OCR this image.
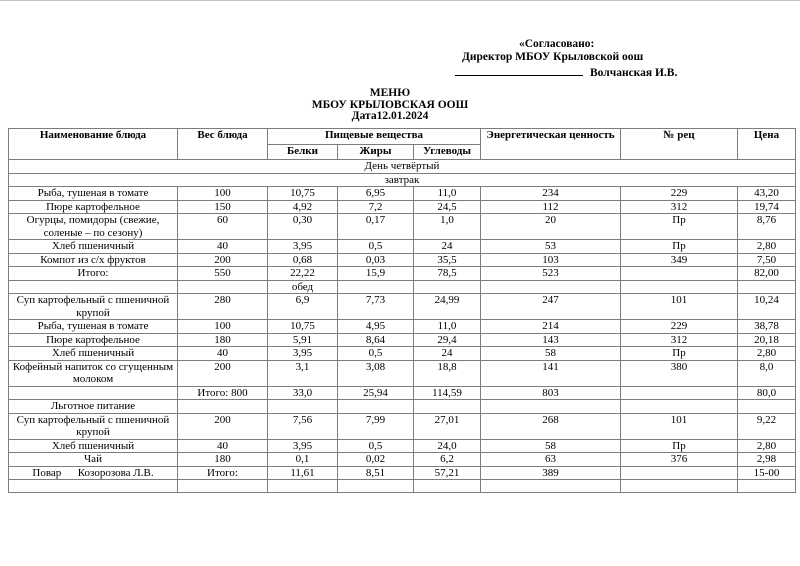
«Согласовано:
Директор МБОУ Крыловской оош
Волчанская И.В.
МЕНЮ
МБОУ КРЫЛОВСКАЯ ООШ
Дата12.01.2024
Наименование блюда	Вес блюда	Пищевые вещества			Энергетическая ценность	№ рец	Цена
		Белки	Жиры	Углеводы			
День четвёртый							
завтрак							
Рыба, тушеная в томате	100	10,75	6,95	11,0	234	229	43,20
Пюре картофельное	150	4,92	7,2	24,5	112	312	19,74
Огурцы, помидоры (свежие, соленые – по сезону)	60	0,30	0,17	1,0	20	Пр	8,76
Хлеб пшеничный	40	3,95	0,5	24	53	Пр	2,80
Компот из с/х фруктов	200	0,68	0,03	35,5	103	349	7,50
Итого:	550	22,22	15,9	78,5	523		82,00
		обед					
Суп картофельный с пшеничной крупой	280	6,9	7,73	24,99	247	101	10,24
Рыба, тушеная в томате	100	10,75	4,95	11,0	214	229	38,78
Пюре картофельное	180	5,91	8,64	29,4	143	312	20,18
Хлеб пшеничный	40	3,95	0,5	24	58	Пр	2,80
Кофейный напиток со сгущенным молоком	200	3,1	3,08	18,8	141	380	8,0
	Итого: 800	33,0	25,94	114,59	803		80,0
Льготное питание							
Суп картофельный с пшеничной крупой	200	7,56	7,99	27,01	268	101	9,22
Хлеб пшеничный	40	3,95	0,5	24,0	58	Пр	2,80
Чай	180	0,1	0,02	6,2	63	376	2,98
Повар      Козорозова Л.В.	Итого:	11,61	8,51	57,21	389		15-00
